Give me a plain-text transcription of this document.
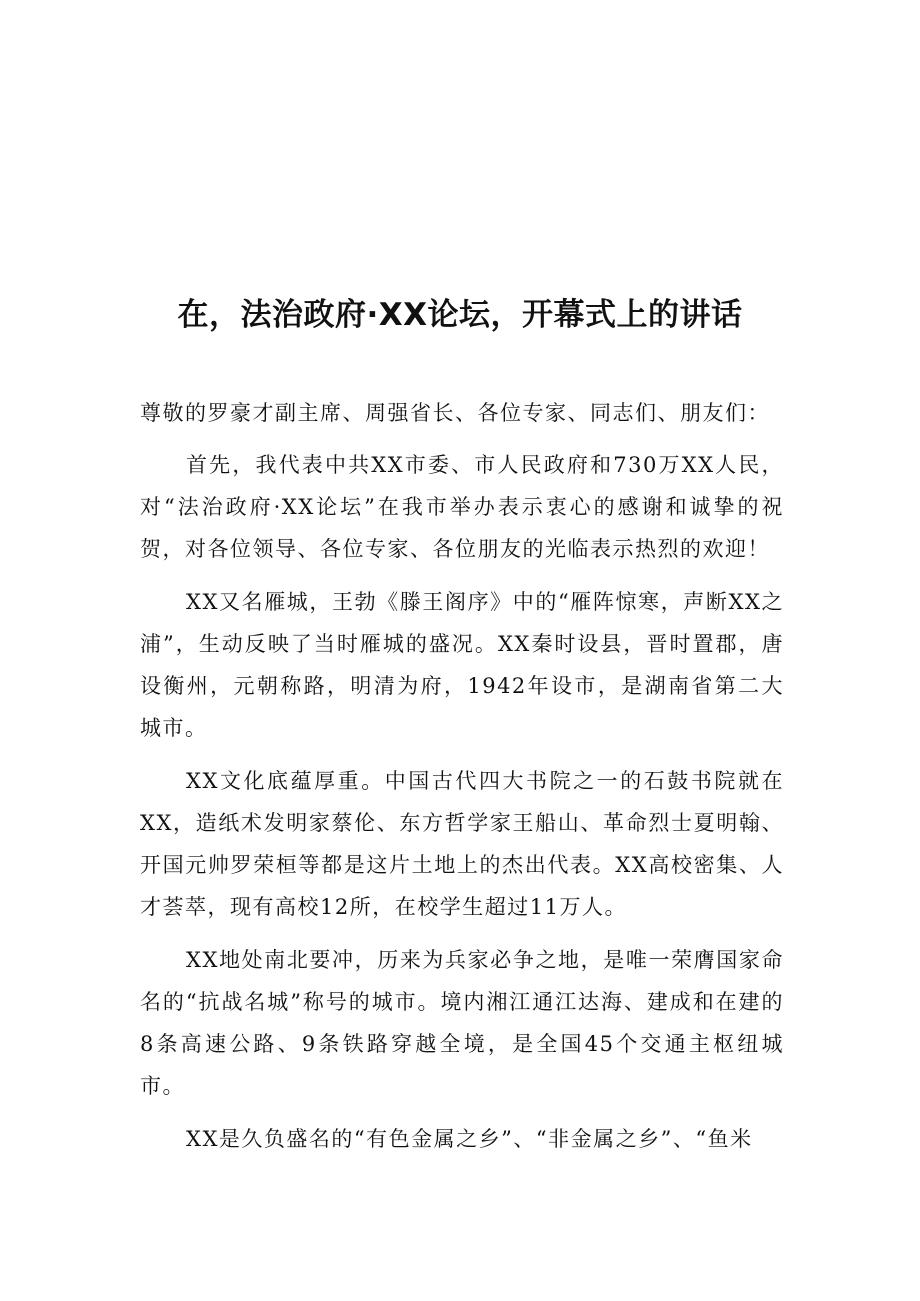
在，法治政府·XX论坛，开幕式上的讲话

尊敬的罗豪才副主席、周强省长、各位专家、同志们、朋友们：

首先，我代表中共XX市委、市人民政府和730万XX人民，对“法治政府·XX论坛”在我市举办表示衷心的感谢和诚挚的祝贺，对各位领导、各位专家、各位朋友的光临表示热烈的欢迎！

XX又名雁城，王勃《滕王阁序》中的“雁阵惊寒，声断XX之浦”，生动反映了当时雁城的盛况。XX秦时设县，晋时置郡，唐设衡州，元朝称路，明清为府，1942年设市，是湖南省第二大城市。

XX文化底蕴厚重。中国古代四大书院之一的石鼓书院就在XX，造纸术发明家蔡伦、东方哲学家王船山、革命烈士夏明翰、开国元帅罗荣桓等都是这片土地上的杰出代表。XX高校密集、人才荟萃，现有高校12所，在校学生超过11万人。

XX地处南北要冲，历来为兵家必争之地，是唯一荣膺国家命名的“抗战名城”称号的城市。境内湘江通江达海、建成和在建的8条高速公路、9条铁路穿越全境，是全国45个交通主枢纽城市。

XX是久负盛名的“有色金属之乡”、“非金属之乡”、“鱼米
